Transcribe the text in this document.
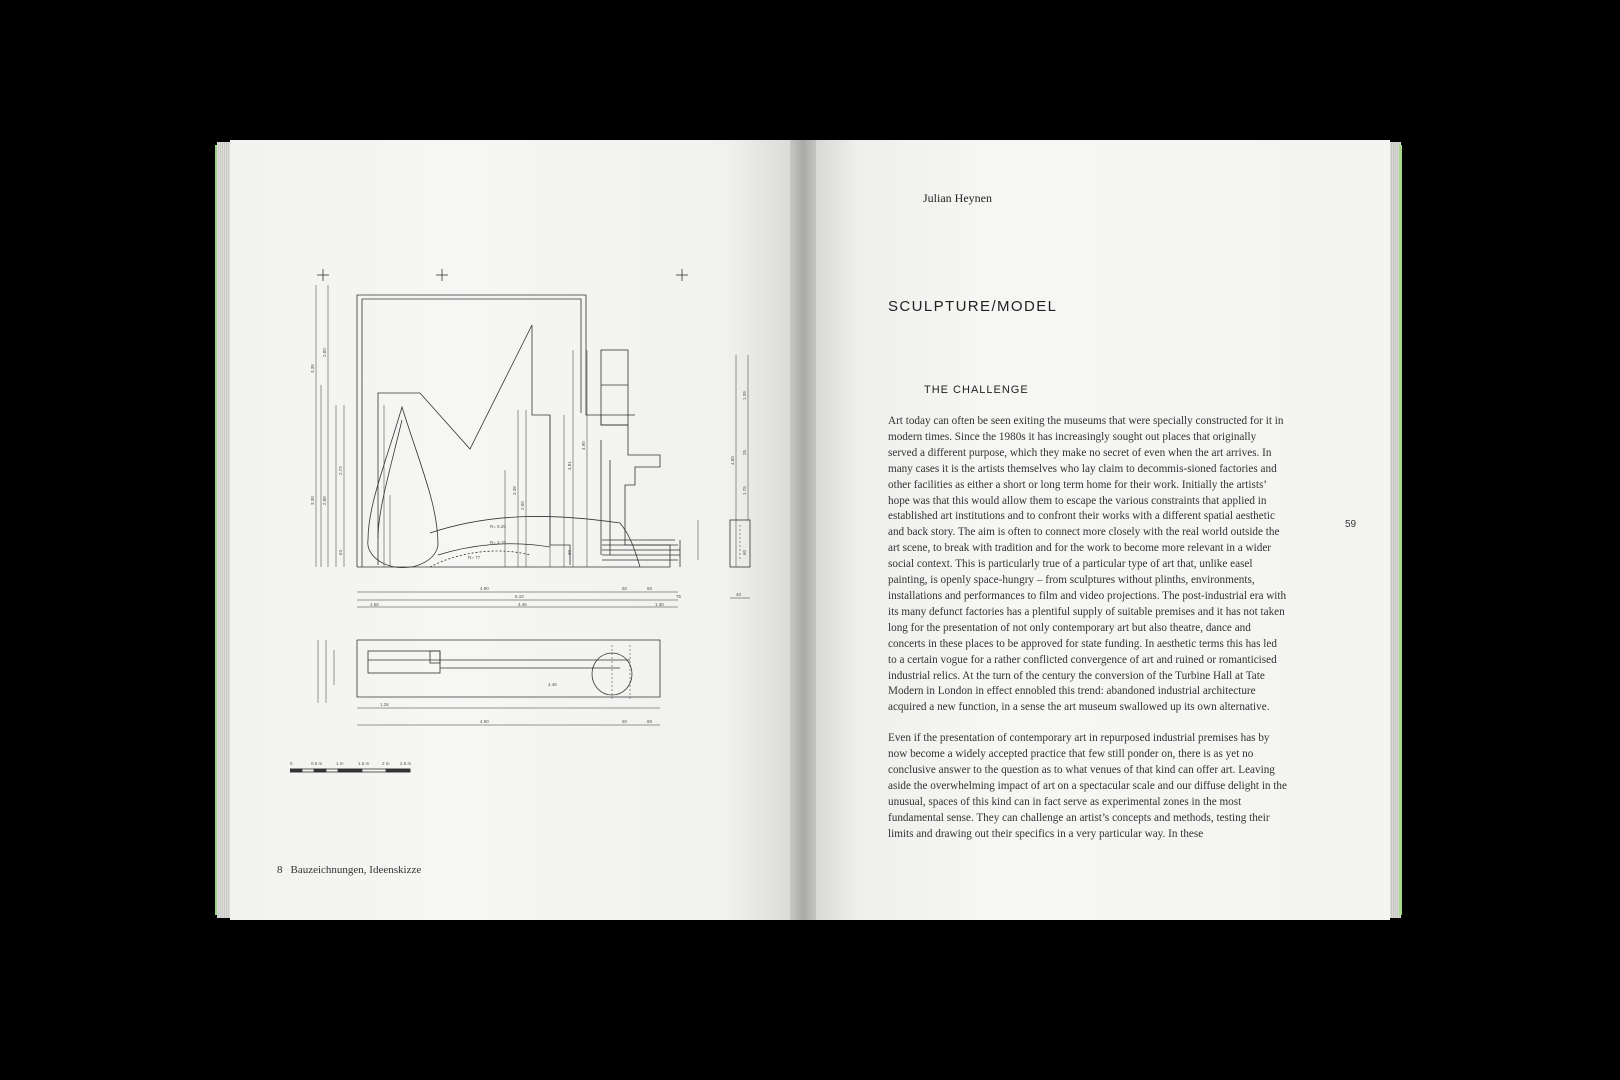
3.38
2.80
3.38 2.88
2.72
63
4.81
4.90
3.38
2.88
60
1.39
25
4.60
1.75
60
R= 6.20
R= 4.15
R= 77
4.80
6.10
1.56	4.46	1.30
60	60
75	40
4.46
4.90
1.26
60	60
0	0.5 m	1 m	1.5 m	2 m 2.5 m
8 Bauzeichnungen, Ideenskizze
Julian Heynen
SCULPTURE/MODEL
THE CHALLENGE

Art today can often be seen exiting the museums that were specially constructed for it in modern times. Since the 1980s it has increasingly sought out places that originally served a different purpose, which they make no secret of even when the art arrives. In many cases it is the artists themselves who lay claim to decommis-sioned factories and other facilities as either a short or long term home for their work. Initially the artists’ hope was that this would allow them to escape the various constraints that applied in established art institutions and to confront their works with a different spatial aesthetic and back story. The aim is often to connect more closely with the real world outside the art scene, to break with tradition and for the work to become more relevant in a wider social context. This is particularly true of a particular type of art that, unlike easel painting, is openly space-hungry – from sculptures without plinths, environments, installations and performances to film and video projections. The post-industrial era with its many defunct factories has a plentiful supply of suitable premises and it has not taken long for the presentation of not only contemporary art but also theatre, dance and concerts in these places to be approved for state funding. In aesthetic terms this has led to a certain vogue for a rather conflicted convergence of art and ruined or romanticised industrial relics. At the turn of the century the conversion of the Turbine Hall at Tate Modern in London in effect ennobled this trend: abandoned industrial architecture acquired a new function, in a sense the art museum swallowed up its own alternative.

Even if the presentation of contemporary art in repurposed industrial premises has by now become a widely accepted practice that few still ponder on, there is as yet no conclusive answer to the question as to what venues of that kind can offer art. Leaving aside the overwhelming impact of art on a spectacular scale and our diffuse delight in the unusual, spaces of this kind can in fact serve as experimental zones in the most fundamental sense. They can challenge an artist’s concepts and methods, testing their limits and drawing out their specifics in a very particular way. In these

59
